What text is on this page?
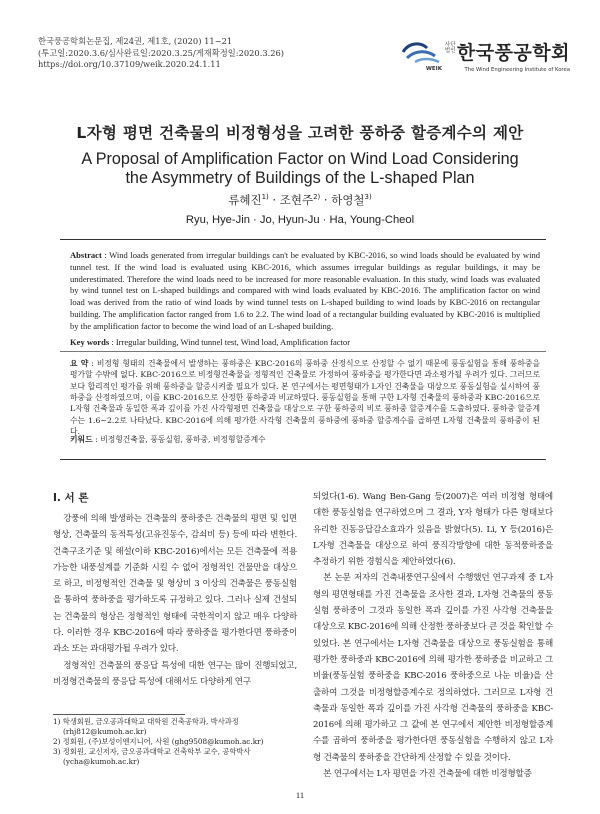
한국풍공학회논문집, 제24권, 제1호, (2020) 11~21
(투고일:2020.3.6/심사완료일:2020.3.25/게재확정일:2020.3.26)
https://doi.org/10.37109/weik.2020.24.1.11
사단 법인 한국풍공학회
WEIK	The Wind Engineering Institute of Korea
L자형 평면 건축물의 비정형성을 고려한 풍하중 할증계수의 제안
A Proposal of Amplification Factor on Wind Load Considering
the Asymmetry of Buildings of the L-shaped Plan
류혜진$^{1)}$ · 조현주$^{2)}$ · 하영철$^{3)}$
Ryu, Hye-Jin · Jo, Hyun-Ju · Ha, Young-Cheol
Abstract : Wind loads generated from irregular buildings can't be evaluated by KBC-2016, so wind loads should be evaluated by wind tunnel test. If the wind load is evaluated using KBC-2016, which assumes irregular buildings as regular buildings, it may be underestimated. Therefore the wind loads need to be increased for more reasonable evaluation. In this study, wind loads was evaluated by wind tunnel test on L-shaped buildings and compared with wind loads evaluated by KBC-2016. The amplification factor on wind load was derived from the ratio of wind loads by wind tunnel tests on L-shaped building to wind loads by KBC-2016 on rectangular building. The amplification factor ranged from 1.6 to 2.2. The wind load of a rectangular building evaluated by KBC-2016 is multiplied by the amplification factor to become the wind load of an L-shaped building.
Key words : Irregular building, Wind tunnel test, Wind load, Amplification factor
요 약 : 비정형 형태의 건축물에서 발생하는 풍하중은 KBC-2016의 풍하중 산정식으로 산정할 수 없기 때문에 풍동실험을 통해 풍하중을 평가할 수밖에 없다. KBC-2016으로 비정형건축물을 정형적인 건축물로 가정하여 풍하중을 평가한다면 과소평가될 우려가 있다. 그러므로 보다 합리적인 평가를 위해 풍하중을 할증시켜줄 필요가 있다. 본 연구에서는 평면형태가 L자인 건축물을 대상으로 풍동실험을 실시하여 풍하중을 산정하였으며, 이를 KBC-2016으로 산정한 풍하중과 비교하였다. 풍동실험을 통해 구한 L자형 건축물의 풍하중과 KBC-2016으로 L자형 건축물과 동일한 폭과 깊이를 가진 사각형평면 건축물을 대상으로 구한 풍하중의 비로 풍하중 할증계수를 도출하였다. 풍하중 할증계수는 1.6~2.2로 나타났다. KBC-2016에 의해 평가한 사각형 건축물의 풍하중에 풍하중 할증계수를 곱하면 L자형 건축물의 풍하중이 된다.
키워드 : 비정형건축물, 풍동실험, 풍하중, 비정형할증계수
I. 서 론

강풍에 의해 발생하는 건축물의 풍하중은 건축물의 평면 및 입면 형상, 건축물의 동적특성(고유진동수, 감쇠비 등) 등에 따라 변한다. 건축구조기준 및 해설(이하 KBC-2016)에서는 모든 건축물에 적용 가능한 내풍설계를 기준화 시킬 수 없어 정형적인 건물만을 대상으로 하고, 비정형적인 건축물 및 형상비 3 이상의 건축물은 풍동실험을 통하여 풍하중을 평가하도록 규정하고 있다. 그러나 실제 건설되는 건축물의 형상은 정형적인 형태에 국한적이지 않고 매우 다양하다. 이러한 경우 KBC-2016에 따라 풍하중을 평가한다면 풍하중이 과소 또는 과대평가될 우려가 있다.

정형적인 건축물의 풍응답 특성에 대한 연구는 많이 진행되었고, 비정형건축물의 풍응답 특성에 대해서도 다양하게 연구

되었다(1-6). Wang Ben-Gang 등(2007)은 여러 비정형 형태에 대한 풍동실험을 연구하였으며 그 결과, Y자 형태가 다른 형태보다 유리한 진동응답감소효과가 있음을 밝혔다(5). Li, Y 등(2016)은 L자형 건축물을 대상으로 하여 풍직각방향에 대한 동적풍하중을 추정하기 위한 경험식을 제안하였다(6).

본 논문 저자의 건축내풍연구실에서 수행했던 연구과제 중 L자형의 평면형태를 가진 건축물을 조사한 결과, L자형 건축물의 풍동실험 풍하중이 그것과 동일한 폭과 깊이를 가진 사각형 건축물을 대상으로 KBC-2016에 의해 산정한 풍하중보다 큰 것을 확인할 수 있었다. 본 연구에서는 L자형 건축물을 대상으로 풍동실험을 통해 평가한 풍하중과 KBC-2016에 의해 평가한 풍하중을 비교하고 그 비율(풍동실험 풍하중을 KBC-2016 풍하중으로 나눈 비율)을 산출하여 그것을 비정형할증계수로 정의하였다. 그러므로 L자형 건축물과 동일한 폭과 깊이를 가진 사각형 건축물의 풍하중을 KBC-2016에 의해 평가하고 그 값에 본 연구에서 제안한 비정형할증계수를 곱하여 풍하중을 평가한다면 풍동실험을 수행하지 않고 L자형 건축물의 풍하중을 간단하게 산정할 수 있을 것이다.

본 연구에서는 L자 평면을 가진 건축물에 대한 비정형할증

1) 학생회원, 금오공과대학교 대학원 건축공학과, 박사과정
(rhj812@kumoh.ac.kr)
2) 정회원, (주)보성이엔지니어, 사원 (ghg9508@kumoh.ac.kr)
3) 정회원, 교신저자, 금오공과대학교 건축학부 교수, 공학박사
(ycha@kumoh.ac.kr)
11
